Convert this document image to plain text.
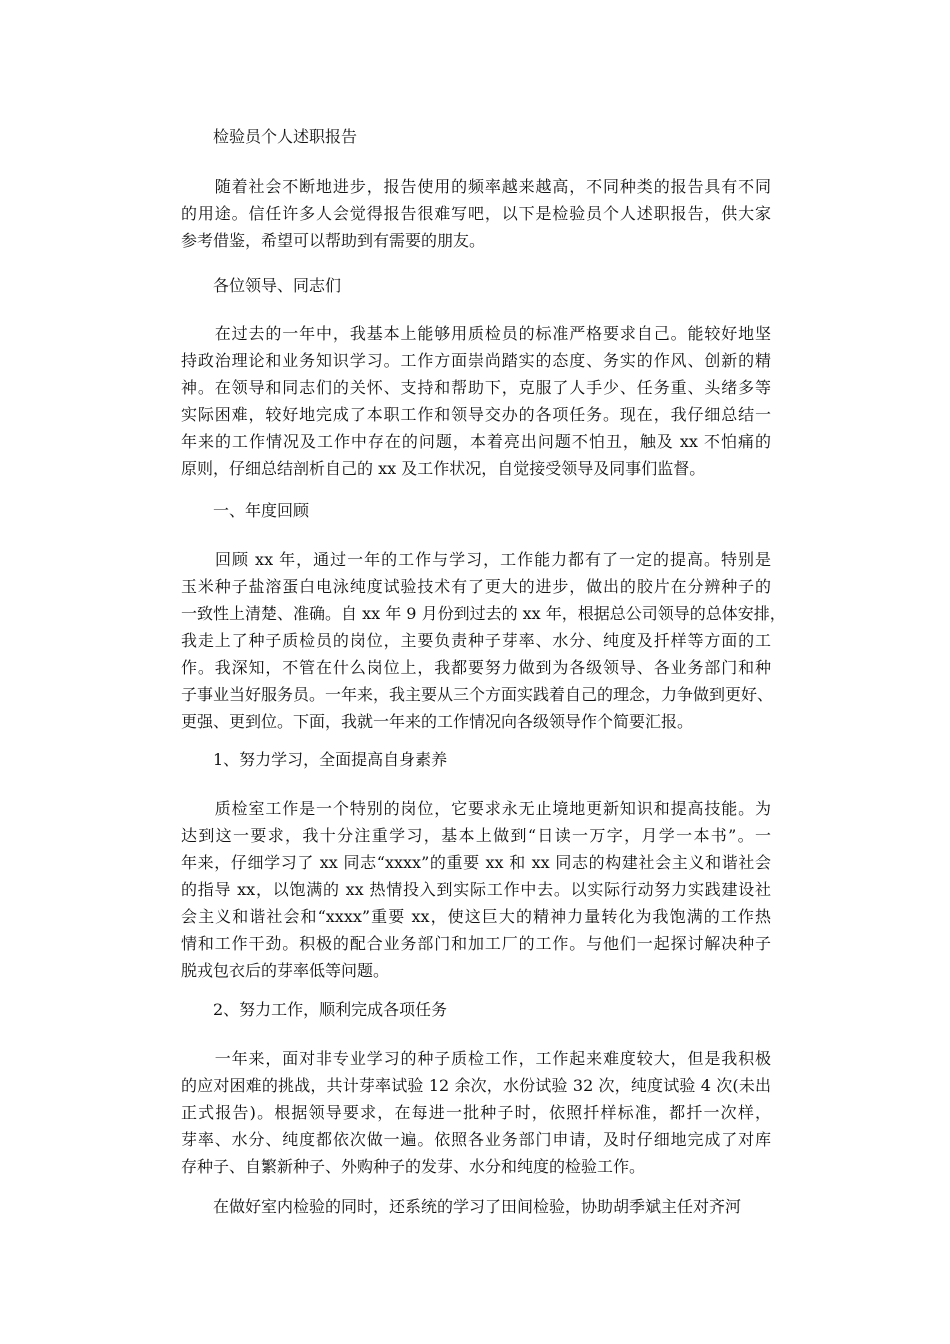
检验员个人述职报告

　　随着社会不断地进步，报告使用的频率越来越高，不同种类的报告具有不同
的用途。信任许多人会觉得报告很难写吧，以下是检验员个人述职报告，供大家
参考借鉴，希望可以帮助到有需要的朋友。

各位领导、同志们

　　在过去的一年中，我基本上能够用质检员的标准严格要求自己。能较好地坚
持政治理论和业务知识学习。工作方面崇尚踏实的态度、务实的作风、创新的精
神。在领导和同志们的关怀、支持和帮助下，克服了人手少、任务重、头绪多等
实际困难，较好地完成了本职工作和领导交办的各项任务。现在，我仔细总结一
年来的工作情况及工作中存在的问题，本着亮出问题不怕丑，触及 xx 不怕痛的
原则，仔细总结剖析自己的 xx 及工作状况，自觉接受领导及同事们监督。

一、年度回顾

　　回顾 xx 年，通过一年的工作与学习，工作能力都有了一定的提高。特别是
玉米种子盐溶蛋白电泳纯度试验技术有了更大的进步，做出的胶片在分辨种子的
一致性上清楚、准确。自 xx 年 9 月份到过去的 xx 年，根据总公司领导的总体安排，
我走上了种子质检员的岗位，主要负责种子芽率、水分、纯度及扦样等方面的工
作。我深知，不管在什么岗位上，我都要努力做到为各级领导、各业务部门和种
子事业当好服务员。一年来，我主要从三个方面实践着自己的理念，力争做到更好、
更强、更到位。下面，我就一年来的工作情况向各级领导作个简要汇报。

1、努力学习，全面提高自身素养

　　质检室工作是一个特别的岗位，它要求永无止境地更新知识和提高技能。为
达到这一要求，我十分注重学习，基本上做到“日读一万字，月学一本书”。一
年来，仔细学习了 xx 同志“xxxx”的重要 xx 和 xx 同志的构建社会主义和谐社会
的指导 xx，以饱满的 xx 热情投入到实际工作中去。以实际行动努力实践建设社
会主义和谐社会和“xxxx”重要 xx，使这巨大的精神力量转化为我饱满的工作热
情和工作干劲。积极的配合业务部门和加工厂的工作。与他们一起探讨解决种子
脱戎包衣后的芽率低等问题。

2、努力工作，顺利完成各项任务

　　一年来，面对非专业学习的种子质检工作，工作起来难度较大，但是我积极
的应对困难的挑战，共计芽率试验 12 余次，水份试验 32 次，纯度试验 4 次(未出
正式报告)。根据领导要求，在每进一批种子时，依照扦样标准，都扦一次样，
芽率、水分、纯度都依次做一遍。依照各业务部门申请，及时仔细地完成了对库
存种子、自繁新种子、外购种子的发芽、水分和纯度的检验工作。
　　在做好室内检验的同时，还系统的学习了田间检验，协助胡季斌主任对齐河
